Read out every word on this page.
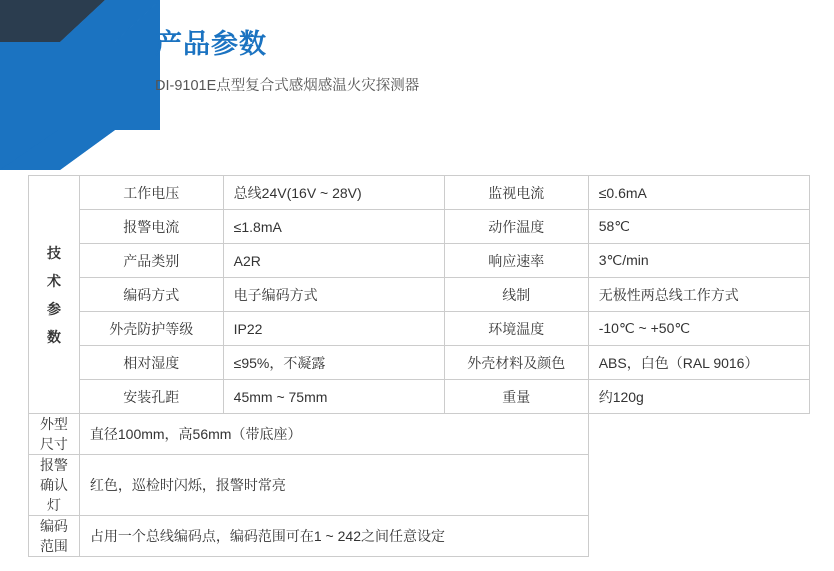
产品参数
DI-9101E点型复合式感烟感温火灾探测器
技
术
参
数	工作电压	总线24V(16V ~ 28V)	监视电流	≤0.6mA
	报警电流	≤1.8mA	动作温度	58℃
	产品类别	A2R	响应速率	3℃/min
	编码方式	电子编码方式	线制	无极性两总线工作方式
	外壳防护等级	IP22	环境温度	-10℃ ~ +50℃
	相对湿度	≤95%，不凝露	外壳材料及颜色	ABS，白色（RAL 9016）
	安装孔距	45mm ~ 75mm	重量	约120g
外型尺寸	直径100mm，高56mm（带底座）			
报警确认灯	红色，巡检时闪烁，报警时常亮			
编码范围	占用一个总线编码点，编码范围可在1 ~ 242之间任意设定			
